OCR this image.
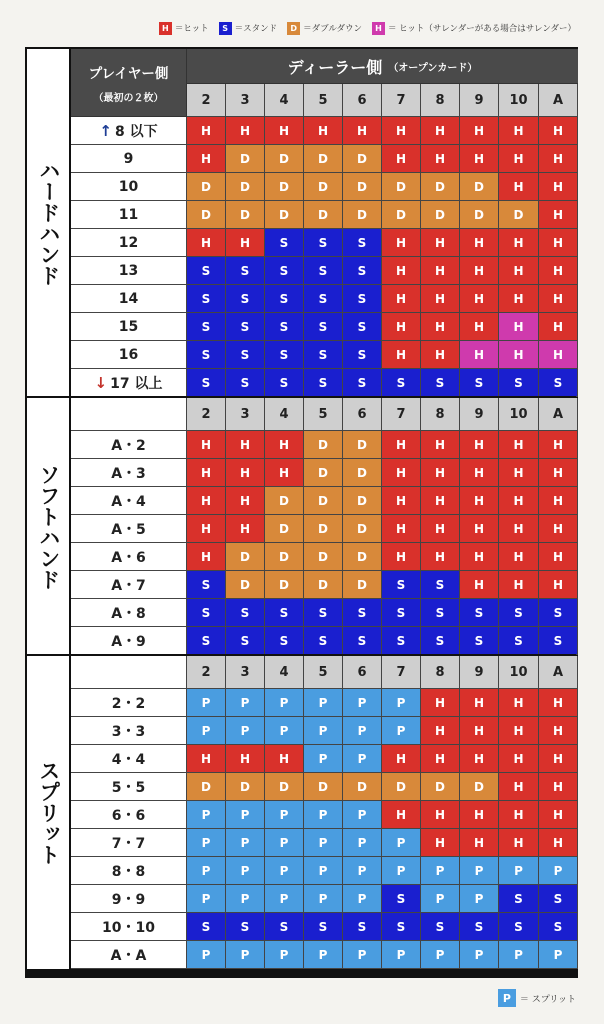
H ＝ヒット	S ＝スタンド	D ＝ダブルダウン	H ＝ ヒット（サレンダーがある場合はサレンダー）
プレイヤー側
（最初の２枚）
ディーラー側 （オープンカード）
2	3	4	5	6	7	8	9	10	A
↑ 8 以下	H	H	H	H	H	H	H	H	H	H
9	H	D	D	D	D	H	H	H	H	H
10	D	D	D	D	D	D	D	D	H	H
11	D	D	D	D	D	D	D	D	D	H
12	H	H	S	S	S	H	H	H	H	H
13	S	S	S	S	S	H	H	H	H	H
14	S	S	S	S	S	H	H	H	H	H
15	S	S	S	S	S	H	H	H	H	H
16	S	S	S	S	S	H	H	H	H	H
↓ 17 以上	S	S	S	S	S	S	S	S	S	S
ハードハンド
2	3	4	5	6	7	8	9	10	A
A・2	H	H	H	D	D	H	H	H	H	H
A・3	H	H	H	D	D	H	H	H	H	H
A・4	H	H	D	D	D	H	H	H	H	H
A・5	H	H	D	D	D	H	H	H	H	H
A・6	H	D	D	D	D	H	H	H	H	H
A・7	S	D	D	D	D	S	S	H	H	H
A・8	S	S	S	S	S	S	S	S	S	S
A・9	S	S	S	S	S	S	S	S	S	S
ソフトハンド
2	3	4	5	6	7	8	9	10	A
2・2	P	P	P	P	P	P	H	H	H	H
3・3	P	P	P	P	P	P	H	H	H	H
4・4	H	H	H	P	P	H	H	H	H	H
5・5	D	D	D	D	D	D	D	D	H	H
6・6	P	P	P	P	P	H	H	H	H	H
7・7	P	P	P	P	P	P	H	H	H	H
8・8	P	P	P	P	P	P	P	P	P	P
9・9	P	P	P	P	P	S	P	P	S	S
10・10	S	S	S	S	S	S	S	S	S	S
A・A	P	P	P	P	P	P	P	P	P	P
スプリット
P ＝ スプリット
